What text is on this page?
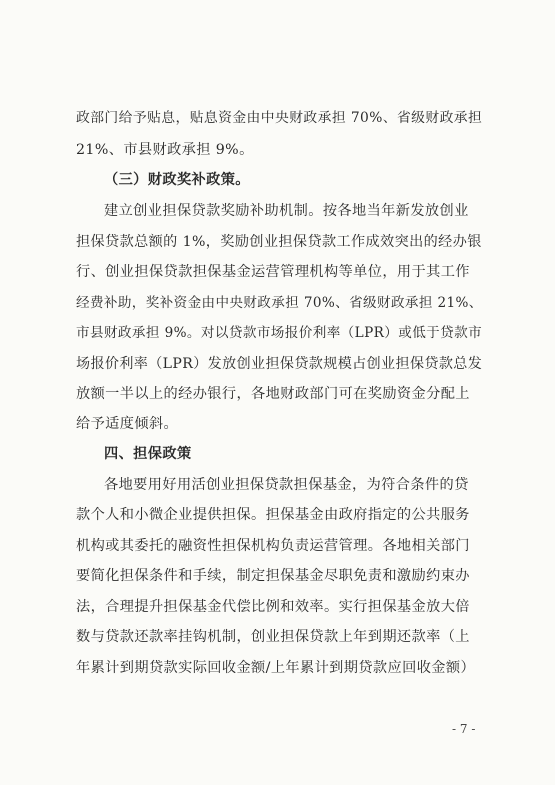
政部门给予贴息，贴息资金由中央财政承担 70%、省级财政承担
21%、市县财政承担 9%。
（三）财政奖补政策。
建立创业担保贷款奖励补助机制。按各地当年新发放创业
担保贷款总额的 1%，奖励创业担保贷款工作成效突出的经办银
行、创业担保贷款担保基金运营管理机构等单位，用于其工作
经费补助，奖补资金由中央财政承担 70%、省级财政承担 21%、
市县财政承担 9%。对以贷款市场报价利率（LPR）或低于贷款市
场报价利率（LPR）发放创业担保贷款规模占创业担保贷款总发
放额一半以上的经办银行，各地财政部门可在奖励资金分配上
给予适度倾斜。
四、担保政策
各地要用好用活创业担保贷款担保基金，为符合条件的贷
款个人和小微企业提供担保。担保基金由政府指定的公共服务
机构或其委托的融资性担保机构负责运营管理。各地相关部门
要简化担保条件和手续，制定担保基金尽职免责和激励约束办
法，合理提升担保基金代偿比例和效率。实行担保基金放大倍
数与贷款还款率挂钩机制，创业担保贷款上年到期还款率（上
年累计到期贷款实际回收金额/上年累计到期贷款应回收金额）
- 7 -
